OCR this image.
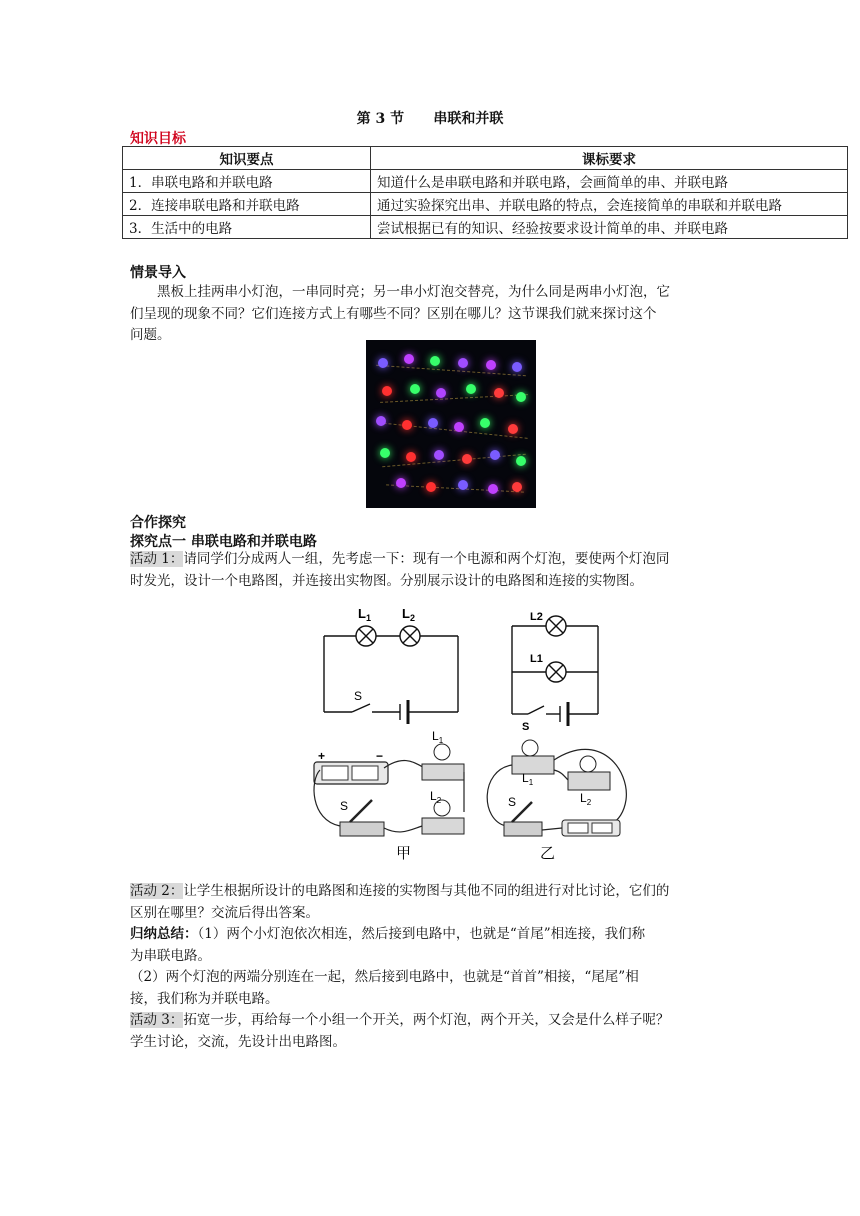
第 3 节 串联和并联
知识目标
知识要点	课标要求
1．串联电路和并联电路	知道什么是串联电路和并联电路，会画简单的串、并联电路
2．连接串联电路和并联电路	通过实验探究出串、并联电路的特点，会连接简单的串联和并联电路
3．生活中的电路	尝试根据已有的知识、经验按要求设计简单的串、并联电路
情景导入
黑板上挂两串小灯泡，一串同时亮；另一串小灯泡交替亮，为什么同是两串小灯泡，它
们呈现的现象不同？它们连接方式上有哪些不同？区别在哪儿？这节课我们就来探讨这个
问题。
合作探究
探究点一 串联电路和并联电路
活动 1：请同学们分成两人一组，先考虑一下：现有一个电源和两个灯泡，要使两个灯泡同
时发光，设计一个电路图，并连接出实物图。分别展示设计的电路图和连接的实物图。
$L_1$ $L_2$
S
L2
L1
S
+	−
$L_1$
$L_2$
S
甲
$L_1$
$L_2$
S
乙
活动 2：让学生根据所设计的电路图和连接的实物图与其他不同的组进行对比讨论，它们的
区别在哪里？交流后得出答案。
归纳总结：（1）两个小灯泡依次相连，然后接到电路中，也就是“首尾”相连接，我们称
为串联电路。
（2）两个灯泡的两端分别连在一起，然后接到电路中，也就是“首首”相接，“尾尾”相
接，我们称为并联电路。
活动 3：拓宽一步，再给每一个小组一个开关，两个灯泡，两个开关，又会是什么样子呢？
学生讨论，交流，先设计出电路图。
